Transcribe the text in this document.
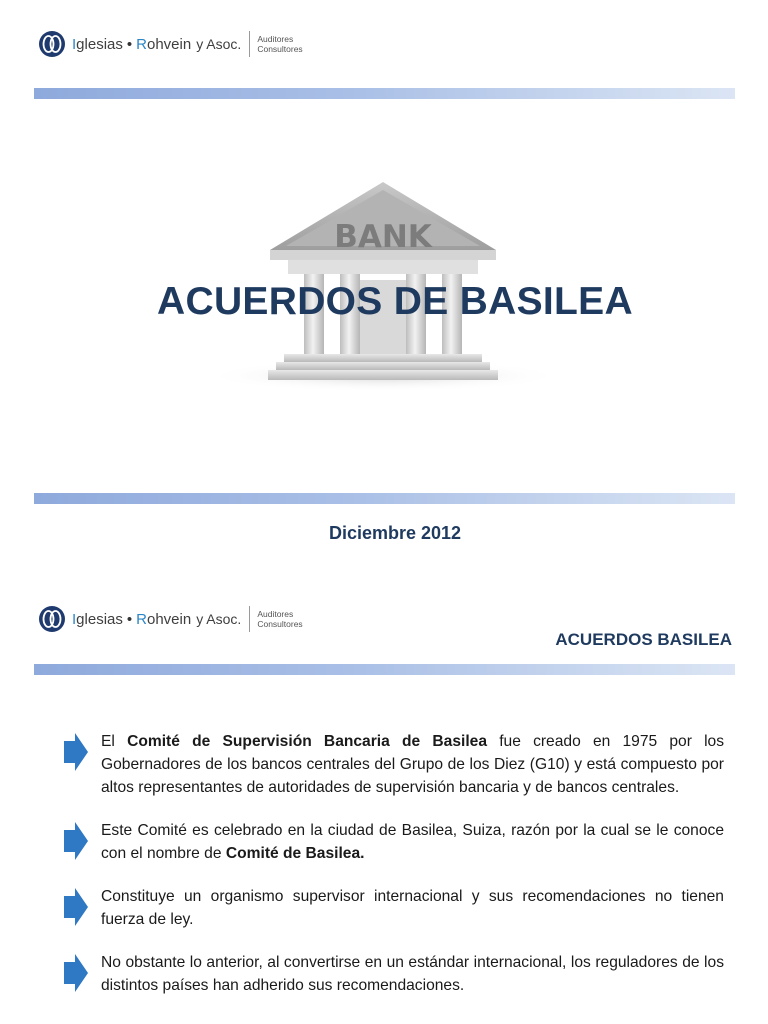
I glesias • R ohvein y Asoc. Auditores
Consultores
BANK
ACUERDOS DE BASILEA
Diciembre 2012
I glesias • R ohvein y Asoc. Auditores
Consultores
ACUERDOS BASILEA

El Comité de Supervisión Bancaria de Basilea fue creado en 1975 por los Gobernadores de los bancos centrales del Grupo de los Diez (G10) y está compuesto por altos representantes de autoridades de supervisión bancaria y de bancos centrales.

Este Comité es celebrado en la ciudad de Basilea, Suiza, razón por la cual se le conoce con el nombre de Comité de Basilea.

Constituye un organismo supervisor internacional y sus recomendaciones no tienen fuerza de ley.

No obstante lo anterior, al convertirse en un estándar internacional, los reguladores de los distintos países han adherido sus recomendaciones.
